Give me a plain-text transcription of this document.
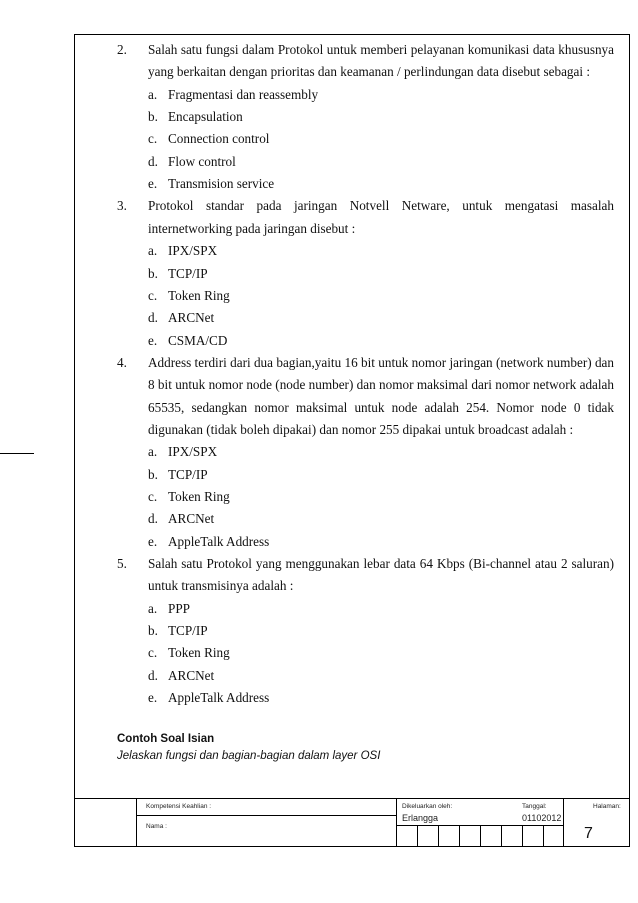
2. Salah satu fungsi dalam Protokol untuk memberi pelayanan komunikasi data khususnya
yang berkaitan dengan prioritas dan keamanan / perlindungan data disebut sebagai :
a. Fragmentasi dan reassembly
b. Encapsulation
c. Connection control
d. Flow control
e. Transmision service
3. Protokol standar pada jaringan Notvell Netware, untuk mengatasi masalah
internetworking pada jaringan disebut :
a. IPX/SPX
b. TCP/IP
c. Token Ring
d. ARCNet
e. CSMA/CD
4. Address terdiri dari dua bagian,yaitu 16 bit untuk nomor jaringan (network number) dan
8 bit untuk nomor node (node number) dan nomor maksimal dari nomor network adalah
65535, sedangkan nomor maksimal untuk node adalah 254. Nomor node 0 tidak
digunakan (tidak boleh dipakai) dan nomor 255 dipakai untuk broadcast adalah :
a. IPX/SPX
b. TCP/IP
c. Token Ring
d. ARCNet
e. AppleTalk Address
5. Salah satu Protokol yang menggunakan lebar data 64 Kbps (Bi-channel atau 2 saluran)
untuk transmisinya adalah :
a. PPP
b. TCP/IP
c. Token Ring
d. ARCNet
e. AppleTalk Address
Contoh Soal Isian
Jelaskan fungsi dan bagian-bagian dalam layer OSI
Kompetensi Keahlian :
Nama :
Dikeluarkan oleh:
Erlangga
Tanggal:
01102012
Halaman:
7
